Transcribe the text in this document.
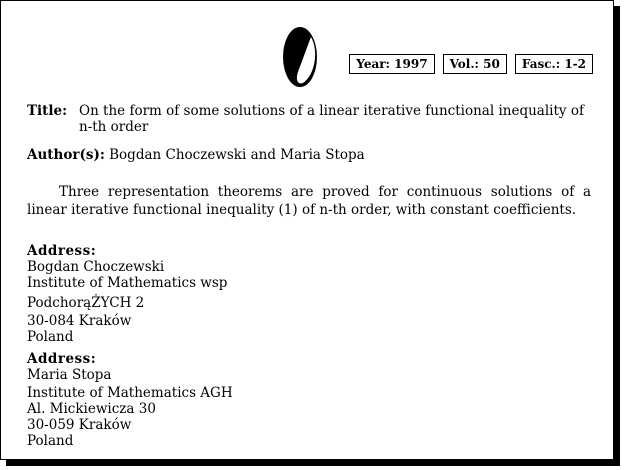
Year: 1997	Vol.: 50	Fasc.: 1-2
Title: On the form of some solutions of a linear iterative functional inequality of n-th order
Author(s): Bogdan Choczewski and Maria Stopa
Three representation theorems are proved for continuous solutions of a linear iterative functional inequality (1) of n-th order, with constant coefficients.
Address:
Bogdan Choczewski
Institute of Mathematics wsp
PodchorąŻYCH 2
30-084 Kraków
Poland
Address:
Maria Stopa
Institute of Mathematics AGH
Al. Mickiewicza 30
30-059 Kraków
Poland
